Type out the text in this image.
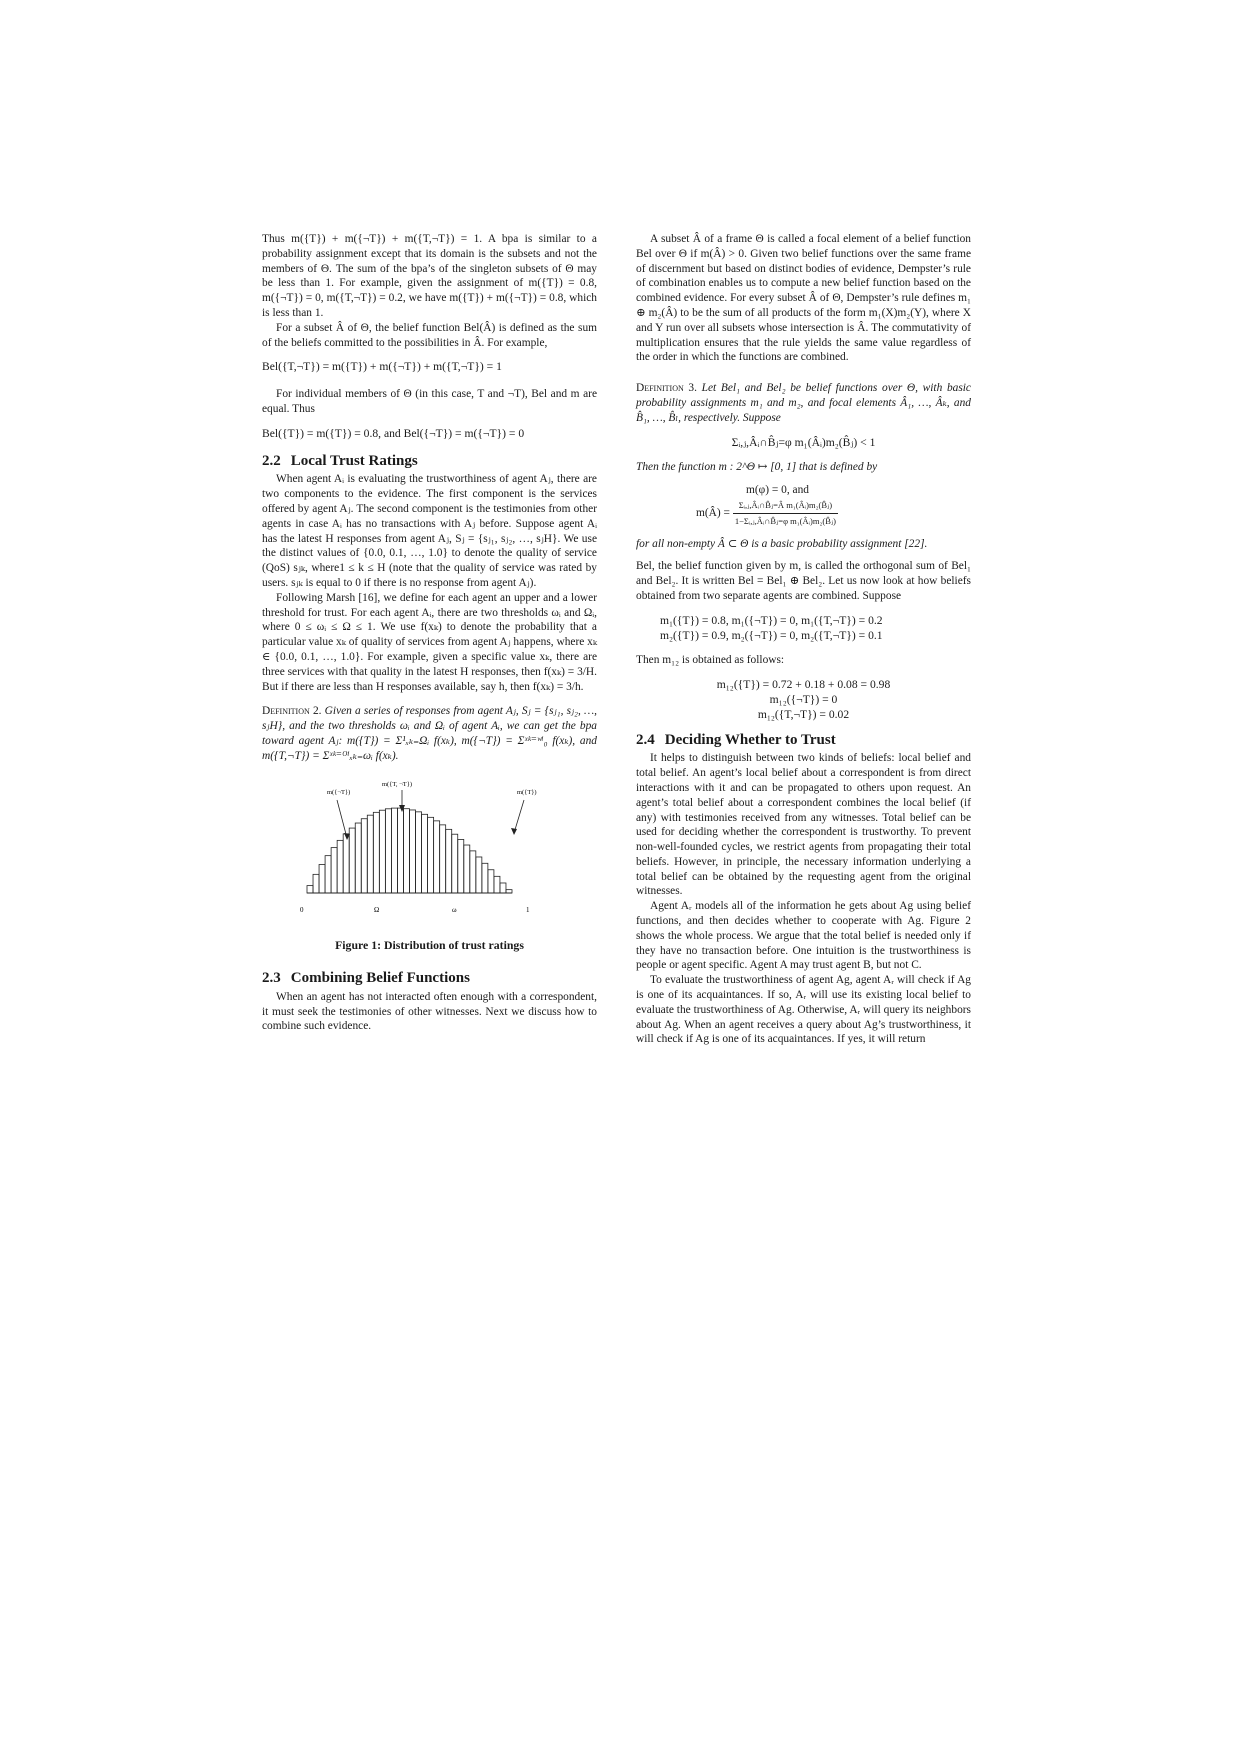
Thus m({T}) + m({¬T}) + m({T,¬T}) = 1. A bpa is similar to a probability assignment except that its domain is the subsets and not the members of Θ. The sum of the bpa’s of the singleton subsets of Θ may be less than 1. For example, given the assignment of m({T}) = 0.8, m({¬T}) = 0, m({T,¬T}) = 0.2, we have m({T}) + m({¬T}) = 0.8, which is less than 1.

For a subset Â of Θ, the belief function Bel(Â) is defined as the sum of the beliefs committed to the possibilities in Â. For example,

Bel({T,¬T}) = m({T}) + m({¬T}) + m({T,¬T}) = 1

For individual members of Θ (in this case, T and ¬T), Bel and m are equal. Thus

Bel({T}) = m({T}) = 0.8, and Bel({¬T}) = m({¬T}) = 0
2.2 Local Trust Ratings

When agent Aᵢ is evaluating the trustworthiness of agent Aⱼ, there are two components to the evidence. The first component is the services offered by agent Aⱼ. The second component is the testimonies from other agents in case Aᵢ has no transactions with Aⱼ before. Suppose agent Aᵢ has the latest H responses from agent Aⱼ, Sⱼ = {sⱼ₁, sⱼ₂, …, sⱼH}. We use the distinct values of {0.0, 0.1, …, 1.0} to denote the quality of service (QoS) sⱼₖ, where1 ≤ k ≤ H (note that the quality of service was rated by users. sⱼₖ is equal to 0 if there is no response from agent Aⱼ).

Following Marsh [16], we define for each agent an upper and a lower threshold for trust. For each agent Aᵢ, there are two thresholds ωᵢ and Ωᵢ, where 0 ≤ ωᵢ ≤ Ω ≤ 1. We use f(xₖ) to denote the probability that a particular value xₖ of quality of services from agent Aⱼ happens, where xₖ ∈ {0.0, 0.1, …, 1.0}. For example, given a specific value xₖ, there are three services with that quality in the latest H responses, then f(xₖ) = 3/H. But if there are less than H responses available, say h, then f(xₖ) = 3/h.

Definition 2. Given a series of responses from agent Aⱼ, Sⱼ = {sⱼ₁, sⱼ₂, …, sⱼH}, and the two thresholds ωᵢ and Ωᵢ of agent Aᵢ, we can get the bpa toward agent Aⱼ: m({T}) = Σ¹ₓₖ₌Ωᵢ f(xₖ), m({¬T}) = Σˣᵏ⁼ʷⁱ₀ f(xₖ), and m({T,¬T}) = Σˣᵏ⁼ᴼⁱₓₖ₌ωᵢ f(xₖ).
m({¬T})
m({T, ¬T})
m({T})
0	Ω	ω	1
Figure 1: Distribution of trust ratings
2.3 Combining Belief Functions

When an agent has not interacted often enough with a correspondent, it must seek the testimonies of other witnesses. Next we discuss how to combine such evidence.

A subset Â of a frame Θ is called a focal element of a belief function Bel over Θ if m(Â) > 0. Given two belief functions over the same frame of discernment but based on distinct bodies of evidence, Dempster’s rule of combination enables us to compute a new belief function based on the combined evidence. For every subset Â of Θ, Dempster’s rule defines m₁ ⊕ m₂(Â) to be the sum of all products of the form m₁(X)m₂(Y), where X and Y run over all subsets whose intersection is Â. The commutativity of multiplication ensures that the rule yields the same value regardless of the order in which the functions are combined.

Definition 3. Let Bel₁ and Bel₂ be belief functions over Θ, with basic probability assignments m₁ and m₂, and focal elements Â₁, …, Âₖ, and B̂₁, …, B̂ₗ, respectively. Suppose
Σᵢ,ⱼ,Âᵢ∩B̂ⱼ=φ m₁(Âᵢ)m₂(B̂ⱼ) < 1

Then the function m : 2^Θ ↦ [0, 1] that is defined by

m(φ) = 0, and
m(Â) = $\frac{\text{Σᵢ,ⱼ,Âᵢ∩B̂ⱼ=Â m₁(Âᵢ)m₂(B̂ⱼ)}}{\text{1−Σᵢ,ⱼ,Âᵢ∩B̂ⱼ=φ m₁(Âᵢ)m₂(B̂ⱼ)}}$

for all non-empty Â ⊂ Θ is a basic probability assignment [22].

Bel, the belief function given by m, is called the orthogonal sum of Bel₁ and Bel₂. It is written Bel = Bel₁ ⊕ Bel₂. Let us now look at how beliefs obtained from two separate agents are combined. Suppose

m₁({T}) = 0.8, m₁({¬T}) = 0, m₁({T,¬T}) = 0.2
m₂({T}) = 0.9, m₂({¬T}) = 0, m₂({T,¬T}) = 0.1

Then m₁₂ is obtained as follows:

m₁₂({T}) = 0.72 + 0.18 + 0.08 = 0.98
m₁₂({¬T}) = 0
m₁₂({T,¬T}) = 0.02
2.4 Deciding Whether to Trust

It helps to distinguish between two kinds of beliefs: local belief and total belief. An agent’s local belief about a correspondent is from direct interactions with it and can be propagated to others upon request. An agent’s total belief about a correspondent combines the local belief (if any) with testimonies received from any witnesses. Total belief can be used for deciding whether the correspondent is trustworthy. To prevent non-well-founded cycles, we restrict agents from propagating their total beliefs. However, in principle, the necessary information underlying a total belief can be obtained by the requesting agent from the original witnesses.

Agent Aᵣ models all of the information he gets about Ag using belief functions, and then decides whether to cooperate with Ag. Figure 2 shows the whole process. We argue that the total belief is needed only if they have no transaction before. One intuition is the trustworthiness is people or agent specific. Agent A may trust agent B, but not C.

To evaluate the trustworthiness of agent Ag, agent Aᵣ will check if Ag is one of its acquaintances. If so, Aᵣ will use its existing local belief to evaluate the trustworthiness of Ag. Otherwise, Aᵣ will query its neighbors about Ag. When an agent receives a query about Ag’s trustworthiness, it will check if Ag is one of its acquaintances. If yes, it will return
